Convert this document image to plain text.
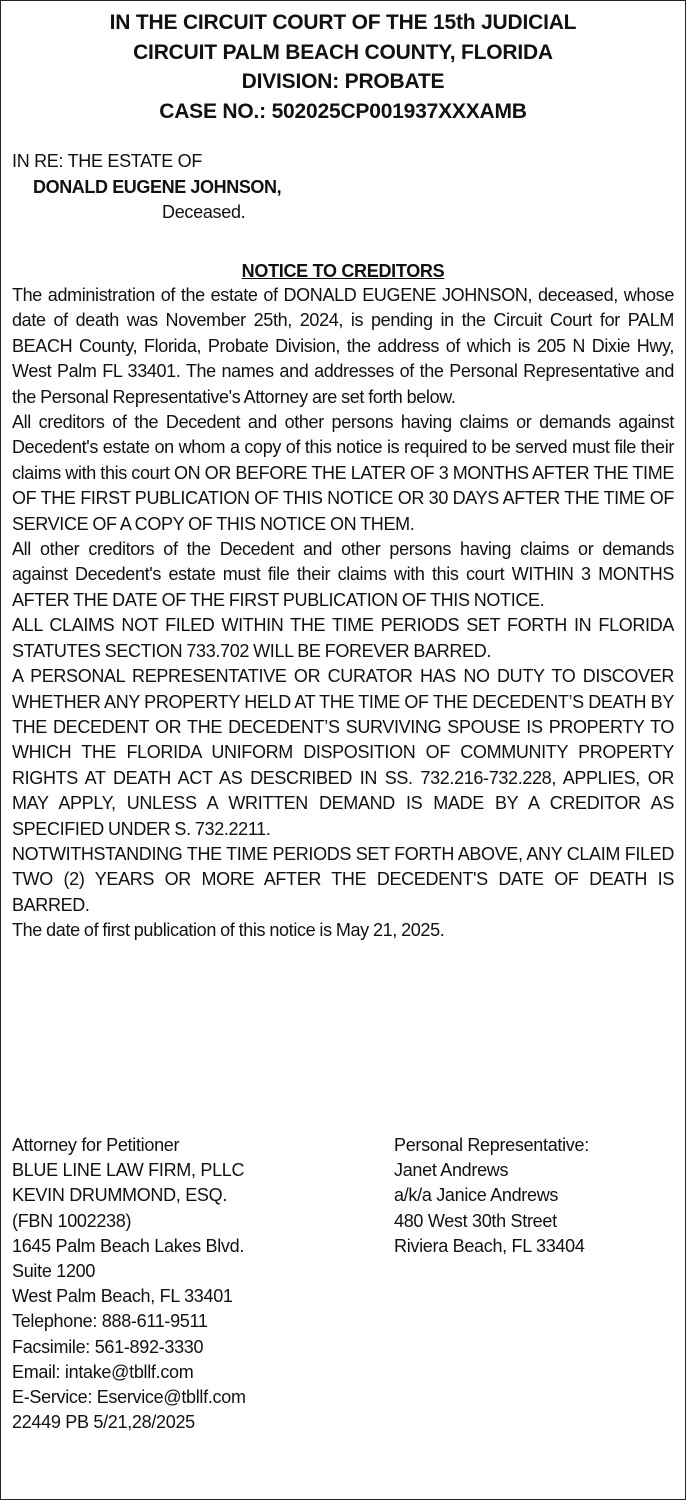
IN THE CIRCUIT COURT OF THE 15th JUDICIAL
CIRCUIT PALM BEACH COUNTY, FLORIDA
DIVISION: PROBATE
CASE NO.: 502025CP001937XXXAMB
IN RE: THE ESTATE OF
DONALD EUGENE JOHNSON,
Deceased.
NOTICE TO CREDITORS

The administration of the estate of DONALD EUGENE JOHNSON, deceased, whose date of death was November 25th, 2024, is pending in the Circuit Court for PALM BEACH County, Florida, Probate Division, the address of which is 205 N Dixie Hwy, West Palm FL 33401. The names and addresses of the Personal Representative and the Personal Representative's Attorney are set forth below.

All creditors of the Decedent and other persons having claims or demands against Decedent's estate on whom a copy of this notice is required to be served must file their claims with this court ON OR BEFORE THE LATER OF 3 MONTHS AFTER THE TIME OF THE FIRST PUBLICATION OF THIS NOTICE OR 30 DAYS AFTER THE TIME OF SERVICE OF A COPY OF THIS NOTICE ON THEM.

All other creditors of the Decedent and other persons having claims or demands against Decedent's estate must file their claims with this court WITHIN 3 MONTHS AFTER THE DATE OF THE FIRST PUBLICATION OF THIS NOTICE.

ALL CLAIMS NOT FILED WITHIN THE TIME PERIODS SET FORTH IN FLORIDA STATUTES SECTION 733.702 WILL BE FOREVER BARRED.

A PERSONAL REPRESENTATIVE OR CURATOR HAS NO DUTY TO DISCOVER WHETHER ANY PROPERTY HELD AT THE TIME OF THE DECEDENT’S DEATH BY THE DECEDENT OR THE DECEDENT’S SURVIVING SPOUSE IS PROPERTY TO WHICH THE FLORIDA UNIFORM DISPOSITION OF COMMUNITY PROPERTY RIGHTS AT DEATH ACT AS DESCRIBED IN SS. 732.216-732.228, APPLIES, OR MAY APPLY, UNLESS A WRITTEN DEMAND IS MADE BY A CREDITOR AS SPECIFIED UNDER S. 732.2211.

NOTWITHSTANDING THE TIME PERIODS SET FORTH ABOVE, ANY CLAIM FILED TWO (2) YEARS OR MORE AFTER THE DECEDENT'S DATE OF DEATH IS BARRED.

The date of first publication of this notice is May 21, 2025.

Attorney for Petitioner
BLUE LINE LAW FIRM, PLLC
KEVIN DRUMMOND, ESQ.
(FBN 1002238)
1645 Palm Beach Lakes Blvd.
Suite 1200
West Palm Beach, FL 33401
Telephone: 888-611-9511
Facsimile: 561-892-3330
Email: intake@tbllf.com
E-Service: Eservice@tbllf.com
22449 PB 5/21,28/2025
Personal Representative:
Janet Andrews
a/k/a Janice Andrews
480 West 30th Street
Riviera Beach, FL 33404
